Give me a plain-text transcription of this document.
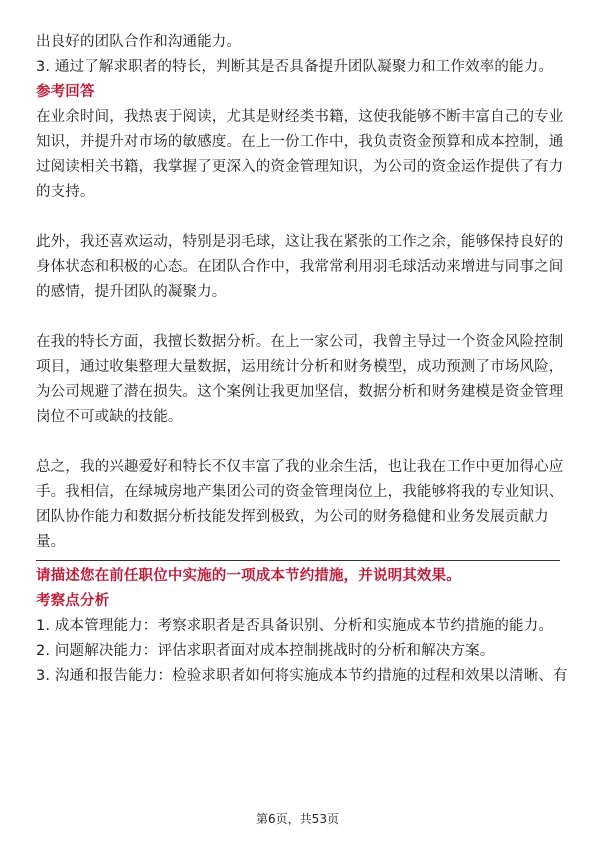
出良好的团队合作和沟通能力。
3. 通过了解求职者的特长，判断其是否具备提升团队凝聚力和工作效率的能力。
参考回答
在业余时间，我热衷于阅读，尤其是财经类书籍，这使我能够不断丰富自己的专业
知识，并提升对市场的敏感度。在上一份工作中，我负责资金预算和成本控制，通
过阅读相关书籍，我掌握了更深入的资金管理知识，为公司的资金运作提供了有力
的支持。
此外，我还喜欢运动，特别是羽毛球，这让我在紧张的工作之余，能够保持良好的
身体状态和积极的心态。在团队合作中，我常常利用羽毛球活动来增进与同事之间
的感情，提升团队的凝聚力。
在我的特长方面，我擅长数据分析。在上一家公司，我曾主导过一个资金风险控制
项目，通过收集整理大量数据，运用统计分析和财务模型，成功预测了市场风险，
为公司规避了潜在损失。这个案例让我更加坚信，数据分析和财务建模是资金管理
岗位不可或缺的技能。
总之，我的兴趣爱好和特长不仅丰富了我的业余生活，也让我在工作中更加得心应
手。我相信，在绿城房地产集团公司的资金管理岗位上，我能够将我的专业知识、
团队协作能力和数据分析技能发挥到极致，为公司的财务稳健和业务发展贡献力
量。
请描述您在前任职位中实施的一项成本节约措施，并说明其效果。
考察点分析
1. 成本管理能力：考察求职者是否具备识别、分析和实施成本节约措施的能力。
2. 问题解决能力：评估求职者面对成本控制挑战时的分析和解决方案。
3. 沟通和报告能力：检验求职者如何将实施成本节约措施的过程和效果以清晰、有
第6页，共53页
